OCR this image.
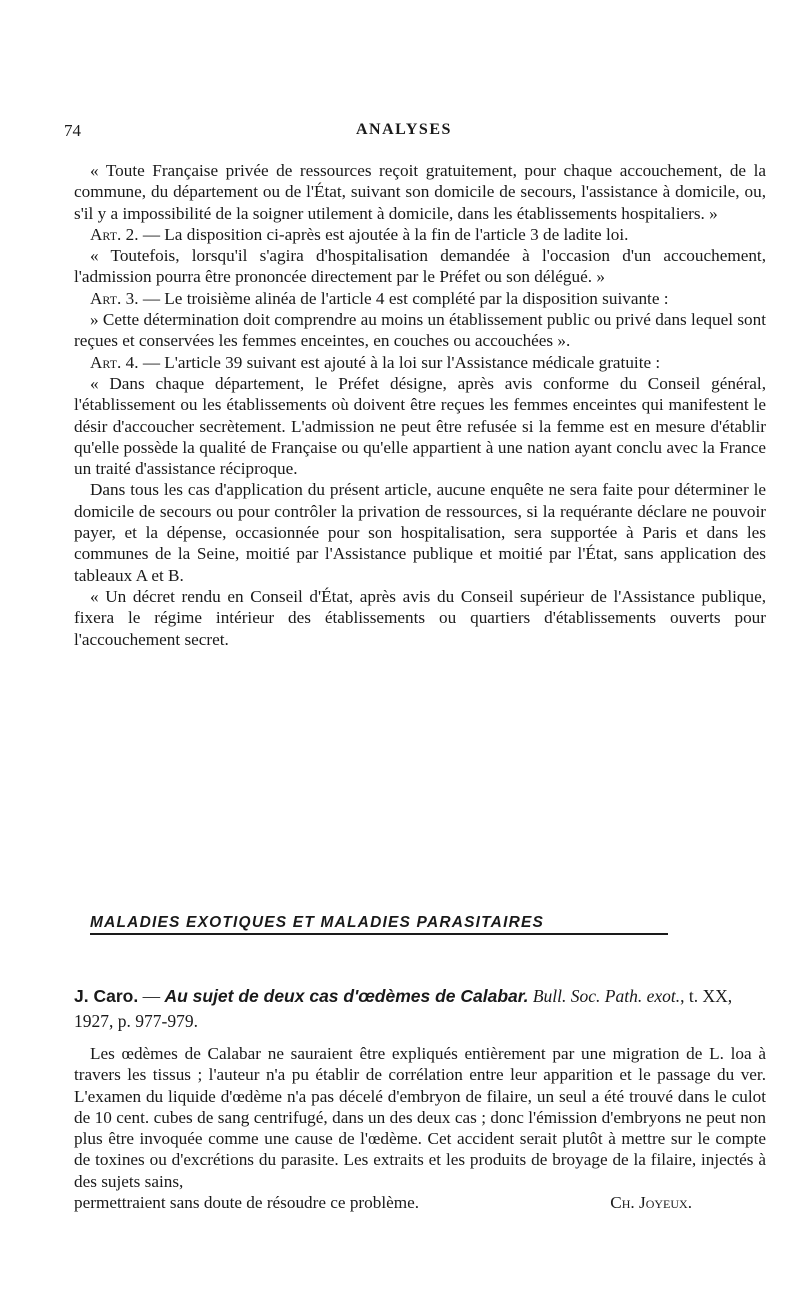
74	ANALYSES

« Toute Française privée de ressources reçoit gratuitement, pour chaque accouchement, de la commune, du département ou de l'État, suivant son domicile de secours, l'assistance à domicile, ou, s'il y a impossibilité de la soigner utilement à domicile, dans les établissements hospitaliers. »

Art. 2. — La disposition ci-après est ajoutée à la fin de l'article 3 de ladite loi.

« Toutefois, lorsqu'il s'agira d'hospitalisation demandée à l'occasion d'un accouchement, l'admission pourra être prononcée directement par le Préfet ou son délégué. »

Art. 3. — Le troisième alinéa de l'article 4 est complété par la disposition suivante :

» Cette détermination doit comprendre au moins un établissement public ou privé dans lequel sont reçues et conservées les femmes enceintes, en couches ou accouchées ».

Art. 4. — L'article 39 suivant est ajouté à la loi sur l'Assistance médicale gratuite :

« Dans chaque département, le Préfet désigne, après avis conforme du Conseil général, l'établissement ou les établissements où doivent être reçues les femmes enceintes qui manifestent le désir d'accoucher secrètement. L'admission ne peut être refusée si la femme est en mesure d'établir qu'elle possède la qualité de Française ou qu'elle appartient à une nation ayant conclu avec la France un traité d'assistance réciproque.

Dans tous les cas d'application du présent article, aucune enquête ne sera faite pour déterminer le domicile de secours ou pour contrôler la privation de ressources, si la requérante déclare ne pouvoir payer, et la dépense, occasionnée pour son hospitalisation, sera supportée à Paris et dans les communes de la Seine, moitié par l'Assistance publique et moitié par l'État, sans application des tableaux A et B.

« Un décret rendu en Conseil d'État, après avis du Conseil supérieur de l'Assistance publique, fixera le régime intérieur des établissements ou quartiers d'établissements ouverts pour l'accouchement secret.

MALADIES EXOTIQUES ET MALADIES PARASITAIRES
J. Caro. — Au sujet de deux cas d'œdèmes de Calabar. Bull. Soc. Path. exot., t. XX, 1927, p. 977-979.

Les œdèmes de Calabar ne sauraient être expliqués entièrement par une migration de L. loa à travers les tissus ; l'auteur n'a pu établir de corrélation entre leur apparition et le passage du ver. L'examen du liquide d'œdème n'a pas décelé d'embryon de filaire, un seul a été trouvé dans le culot de 10 cent. cubes de sang centrifugé, dans un des deux cas ; donc l'émission d'embryons ne peut non plus être invoquée comme une cause de l'œdème. Cet accident serait plutôt à mettre sur le compte de toxines ou d'excrétions du parasite. Les extraits et les produits de broyage de la filaire, injectés à des sujets sains,

permettraient sans doute de résoudre ce problème.	Ch. Joyeux.
